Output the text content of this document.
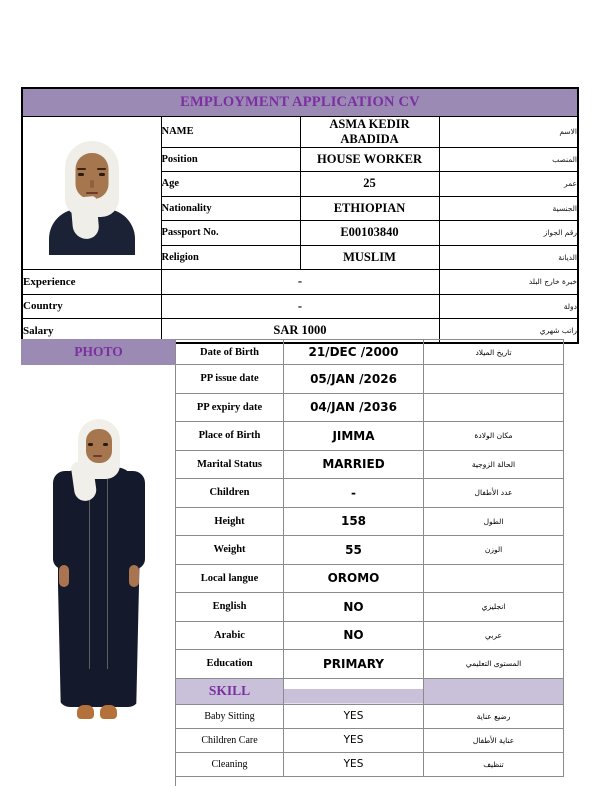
EMPLOYMENT APPLICATION CV			

	NAME	ASMA KEDIR ABADIDA	الاسم
	Position	HOUSE WORKER	المنصب
	Age	25	عمر
	Nationality	ETHIOPIAN	الجنسية
	Passport No.	E00103840	رقم الجواز
	Religion	MUSLIM	الديانة
Experience	-		خبرة خارج البلد
Country	-		دولة
Salary	SAR 1000		راتب شهري
PHOTO	Date of Birth	21/DEC /2000	تاريخ الميلاد

	PP issue date	05/JAN /2026	
	PP expiry date	04/JAN /2036	
	Place of Birth	JIMMA	مكان الولادة
	Marital Status	MARRIED	الحالة الزوجية
	Children	-	عدد الأطفال
	Height	158	الطول
	Weight	55	الوزن
	Local langue	OROMO	
	English	NO	انجليزي
	Arabic	NO	عربي
	Education	PRIMARY	المستوى التعليمي
	SKILL		
	Baby Sitting	YES	رضيع عناية
	Children Care	YES	عناية الأطفال
	Cleaning	YES	تنظيف
